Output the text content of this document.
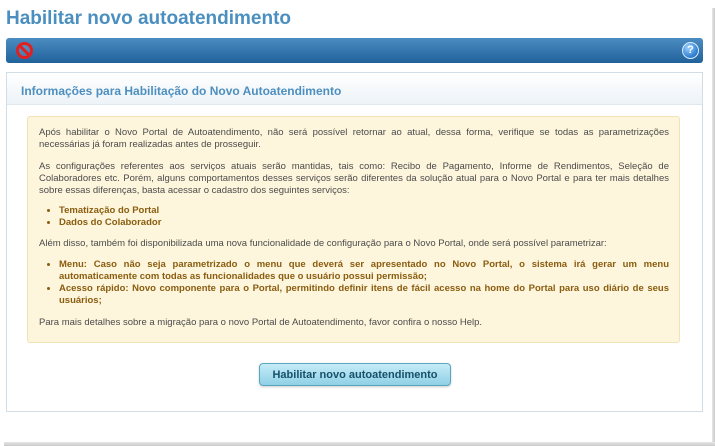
Habilitar novo autoatendimento
?
Informações para Habilitação do Novo Autoatendimento

Após habilitar o Novo Portal de Autoatendimento, não será possível retornar ao atual, dessa forma, verifique se todas as parametrizações necessárias já foram realizadas antes de prosseguir.

As configurações referentes aos serviços atuais serão mantidas, tais como: Recibo de Pagamento, Informe de Rendimentos, Seleção de Colaboradores etc. Porém, alguns comportamentos desses serviços serão diferentes da solução atual para o Novo Portal e para ter mais detalhes sobre essas diferenças, basta acessar o cadastro dos seguintes serviços:

• Tematização do Portal
• Dados do Colaborador

Além disso, também foi disponibilizada uma nova funcionalidade de configuração para o Novo Portal, onde será possível parametrizar:

• Menu: Caso não seja parametrizado o menu que deverá ser apresentado no Novo Portal, o sistema irá gerar um menu automaticamente com todas as funcionalidades que o usuário possui permissão;
• Acesso rápido: Novo componente para o Portal, permitindo definir itens de fácil acesso na home do Portal para uso diário de seus usuários;

Para mais detalhes sobre a migração para o novo Portal de Autoatendimento, favor confira o nosso Help.

Habilitar novo autoatendimento
